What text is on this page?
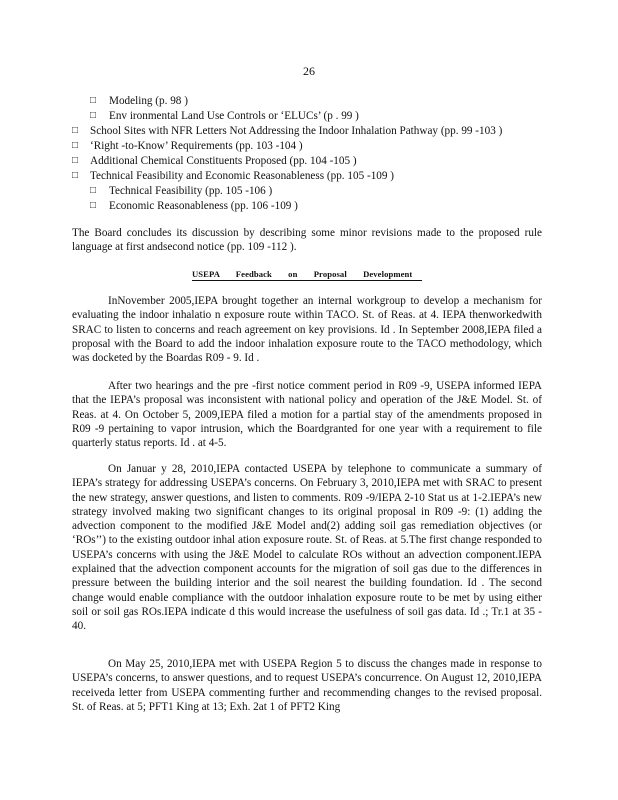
26
□ Modeling (p. 98 )
□ Env ironmental Land Use Controls or ‘ELUCs’ (p . 99 )
□ School Sites with NFR Letters Not Addressing the Indoor Inhalation Pathway (pp. 99 -103 )
□ ‘Right -to-Know’ Requirements (pp. 103 -104 )
□ Additional Chemical Constituents Proposed (pp. 104 -105 )
□ Technical Feasibility and Economic Reasonableness (pp. 105 -109 )
□ Technical Feasibility (pp. 105 -106 )
□ Economic Reasonableness (pp. 106 -109 )

The Board concludes its discussion by describing some minor revisions made to the proposed rule language at first andsecond notice (pp. 109 -112 ).

USEPA Feedback on Proposal Development

InNovember 2005,IEPA brought together an internal workgroup to develop a mechanism for evaluating the indoor inhalatio n exposure route within TACO. St. of Reas. at 4. IEPA thenworkedwith SRAC to listen to concerns and reach agreement on key provisions. Id . In September 2008,IEPA filed a proposal with the Board to add the indoor inhalation exposure route to the TACO methodology, which was docketed by the Boardas R09 - 9. Id .

After two hearings and the pre -first notice comment period in R09 -9, USEPA informed IEPA that the IEPA’s proposal was inconsistent with national policy and operation of the J&E Model. St. of Reas. at 4. On October 5, 2009,IEPA filed a motion for a partial stay of the amendments proposed in R09 -9 pertaining to vapor intrusion, which the Boardgranted for one year with a requirement to file quarterly status reports. Id . at 4-5.

On Januar y 28, 2010,IEPA contacted USEPA by telephone to communicate a summary of IEPA’s strategy for addressing USEPA’s concerns. On February 3, 2010,IEPA met with SRAC to present the new strategy, answer questions, and listen to comments. R09 -9/IEPA 2-10 Stat us at 1-2.IEPA’s new strategy involved making two significant changes to its original proposal in R09 -9: (1) adding the advection component to the modified J&E Model and(2) adding soil gas remediation objectives (or ‘ROs’’) to the existing outdoor inhal ation exposure route. St. of Reas. at 5.The first change responded to USEPA’s concerns with using the J&E Model to calculate ROs without an advection component.IEPA explained that the advection component accounts for the migration of soil gas due to the differences in pressure between the building interior and the soil nearest the building foundation. Id . The second change would enable compliance with the outdoor inhalation exposure route to be met by using either soil or soil gas ROs.IEPA indicate d this would increase the usefulness of soil gas data. Id .; Tr.1 at 35 - 40.

On May 25, 2010,IEPA met with USEPA Region 5 to discuss the changes made in response to USEPA’s concerns, to answer questions, and to request USEPA’s concurrence. On August 12, 2010,IEPA receiveda letter from USEPA commenting further and recommending changes to the revised proposal. St. of Reas. at 5; PFT1 King at 13; Exh. 2at 1 of PFT2 King
